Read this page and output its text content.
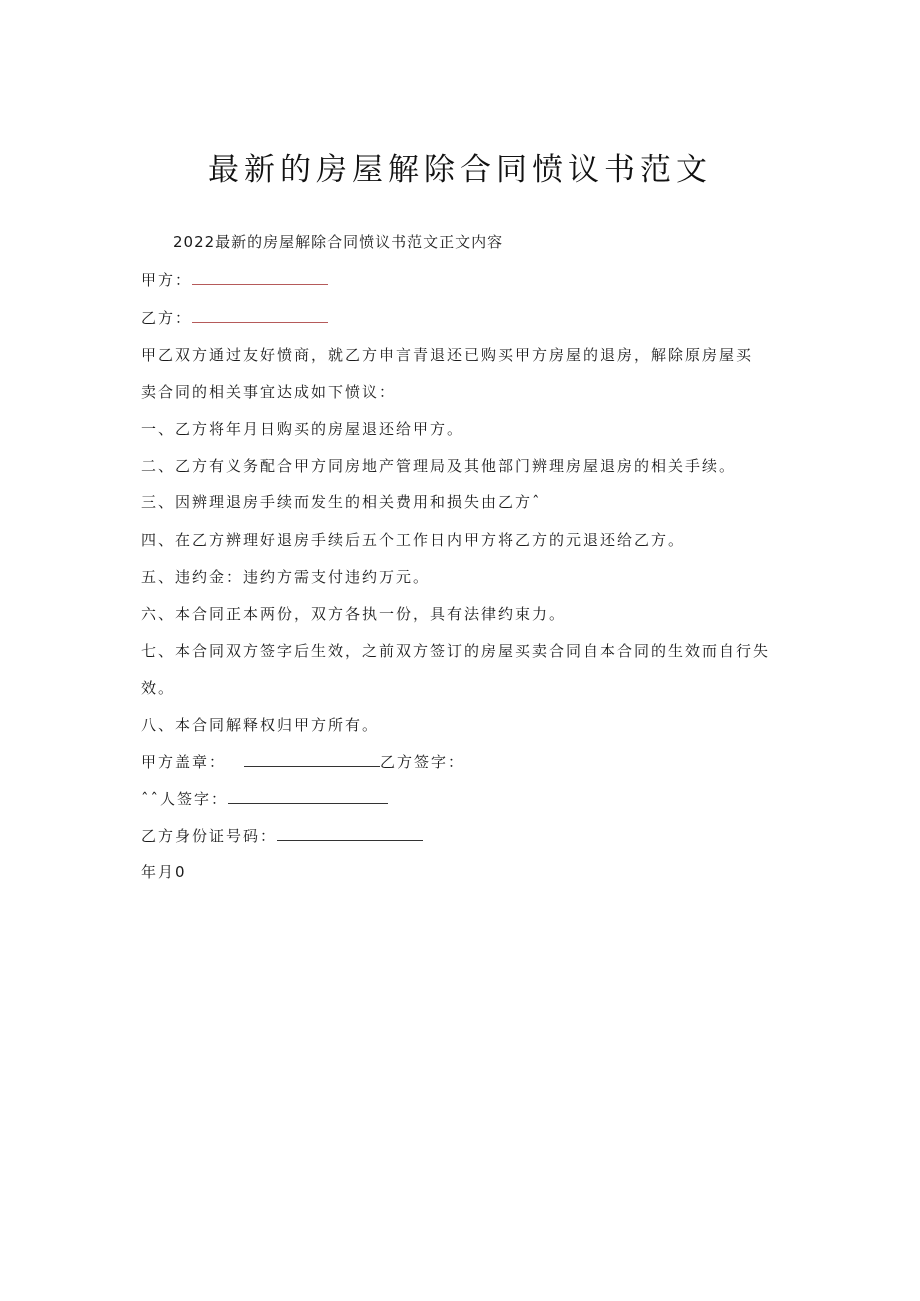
最新的房屋解除合同愤议书范文
2022最新的房屋解除合同愤议书范文正文内容
甲方：
乙方：
甲乙双方通过友好愤商，就乙方申言青退还已购买甲方房屋的退房，解除原房屋买
卖合同的相关事宜达成如下愤议：
一、乙方将年月日购买的房屋退还给甲方。
二、乙方有义务配合甲方同房地产管理局及其他部门辨理房屋退房的相关手续。
三、因辨理退房手续而发生的相关费用和损失由乙方ˆ
四、在乙方辨理好退房手续后五个工作日内甲方将乙方的元退还给乙方。
五、违约金：违约方需支付违约万元。
六、本合同正本两份，双方各执一份，具有法律约束力。
七、本合同双方签字后生效，之前双方签订的房屋买卖合同自本合同的生效而自行失
效。
八、本合同解释权归甲方所有。
甲方盖章：	乙方签字：
ˆˆ人签字：
乙方身份证号码：
年月0
